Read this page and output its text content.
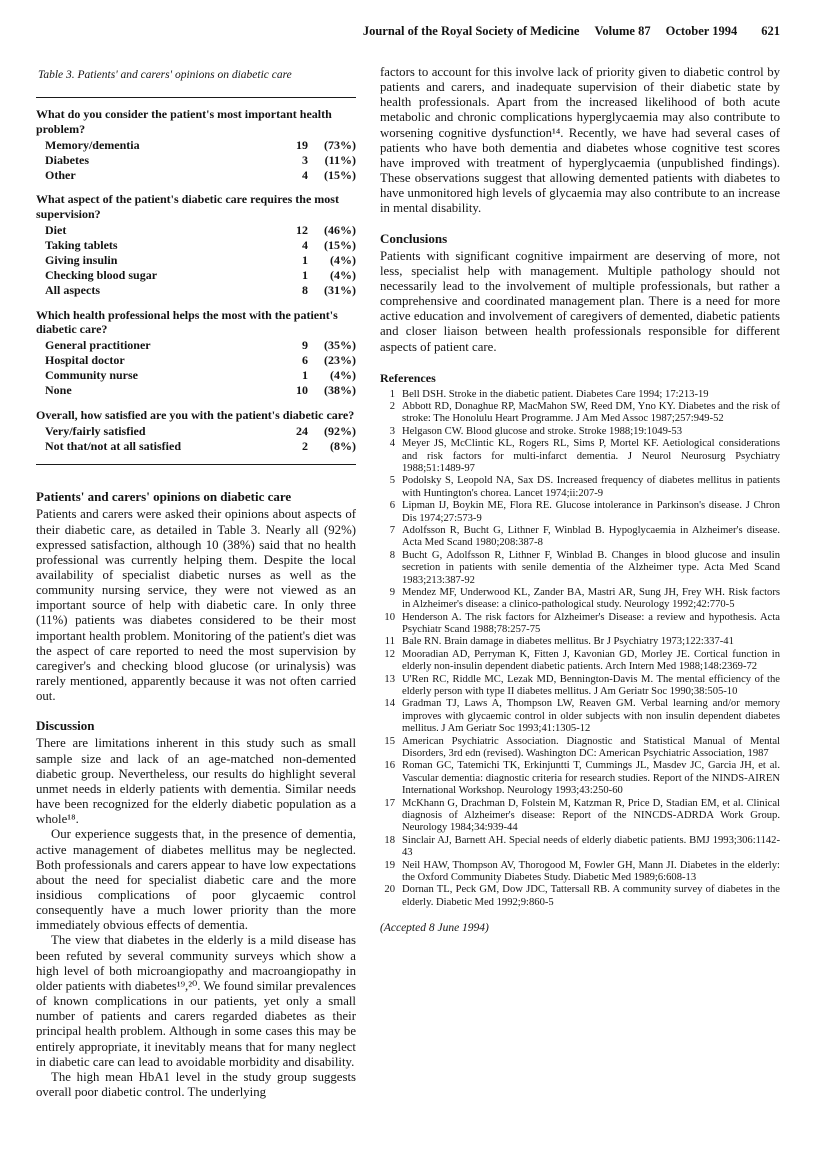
Journal of the Royal Society of Medicine Volume 87 October 1994 621
Table 3. Patients' and carers' opinions on diabetic care
What do you consider the patient's most important health problem?
Memory/dementia	19	(73%)
Diabetes	3	(11%)
Other	4	(15%)
What aspect of the patient's diabetic care requires the most supervision?
Diet	12	(46%)
Taking tablets	4	(15%)
Giving insulin	1	(4%)
Checking blood sugar	1	(4%)
All aspects	8	(31%)
Which health professional helps the most with the patient's diabetic care?
General practitioner	9	(35%)
Hospital doctor	6	(23%)
Community nurse	1	(4%)
None	10	(38%)
Overall, how satisfied are you with the patient's diabetic care?
Very/fairly satisfied	24	(92%)
Not that/not at all satisfied	2	(8%)
Patients' and carers' opinions on diabetic care

Patients and carers were asked their opinions about aspects of their diabetic care, as detailed in Table 3. Nearly all (92%) expressed satisfaction, although 10 (38%) said that no health professional was currently helping them. Despite the local availability of specialist diabetic nurses as well as the community nursing service, they were not viewed as an important source of help with diabetic care. In only three (11%) patients was diabetes considered to be their most important health problem. Monitoring of the patient's diet was the aspect of care reported to need the most supervision by caregiver's and checking blood glucose (or urinalysis) was rarely mentioned, apparently because it was not often carried out.

Discussion

There are limitations inherent in this study such as small sample size and lack of an age-matched non-demented diabetic group. Nevertheless, our results do highlight several unmet needs in elderly patients with dementia. Similar needs have been recognized for the elderly diabetic population as a whole¹⁸.

Our experience suggests that, in the presence of dementia, active management of diabetes mellitus may be neglected. Both professionals and carers appear to have low expectations about the need for specialist diabetic care and the more insidious complications of poor glycaemic control consequently have a much lower priority than the more immediately obvious effects of dementia.

The view that diabetes in the elderly is a mild disease has been refuted by several community surveys which show a high level of both microangiopathy and macroangiopathy in older patients with diabetes¹⁹,²⁰. We found similar prevalences of known complications in our patients, yet only a small number of patients and carers regarded diabetes as their principal health problem. Although in some cases this may be entirely appropriate, it inevitably means that for many neglect in diabetic care can lead to avoidable morbidity and disability.

The high mean HbA1 level in the study group suggests overall poor diabetic control. The underlying

factors to account for this involve lack of priority given to diabetic control by patients and carers, and inadequate supervision of their diabetic state by health professionals. Apart from the increased likelihood of both acute metabolic and chronic complications hyperglycaemia may also contribute to worsening cognitive dysfunction¹⁴. Recently, we have had several cases of patients who have both dementia and diabetes whose cognitive test scores have improved with treatment of hyperglycaemia (unpublished findings). These observations suggest that allowing demented patients with diabetes to have unmonitored high levels of glycaemia may also contribute to an increase in mental disability.

Conclusions

Patients with significant cognitive impairment are deserving of more, not less, specialist help with management. Multiple pathology should not necessarily lead to the involvement of multiple professionals, but rather a comprehensive and coordinated management plan. There is a need for more active education and involvement of caregivers of demented, diabetic patients and closer liaison between health professionals responsible for different aspects of patient care.

References
1 Bell DSH. Stroke in the diabetic patient. Diabetes Care 1994; 17:213-19
2 Abbott RD, Donaghue RP, MacMahon SW, Reed DM, Yno KY. Diabetes and the risk of stroke: The Honolulu Heart Programme. J Am Med Assoc 1987;257:949-52
3 Helgason CW. Blood glucose and stroke. Stroke 1988;19:1049-53
4 Meyer JS, McClintic KL, Rogers RL, Sims P, Mortel KF. Aetiological considerations and risk factors for multi-infarct dementia. J Neurol Neurosurg Psychiatry 1988;51:1489-97
5 Podolsky S, Leopold NA, Sax DS. Increased frequency of diabetes mellitus in patients with Huntington's chorea. Lancet 1974;ii:207-9
6 Lipman IJ, Boykin ME, Flora RE. Glucose intolerance in Parkinson's disease. J Chron Dis 1974;27:573-9
7 Adolfsson R, Bucht G, Lithner F, Winblad B. Hypoglycaemia in Alzheimer's disease. Acta Med Scand 1980;208:387-8
8 Bucht G, Adolfsson R, Lithner F, Winblad B. Changes in blood glucose and insulin secretion in patients with senile dementia of the Alzheimer type. Acta Med Scand 1983;213:387-92
9 Mendez MF, Underwood KL, Zander BA, Mastri AR, Sung JH, Frey WH. Risk factors in Alzheimer's disease: a clinico-pathological study. Neurology 1992;42:770-5
10 Henderson A. The risk factors for Alzheimer's Disease: a review and hypothesis. Acta Psychiatr Scand 1988;78:257-75
11 Bale RN. Brain damage in diabetes mellitus. Br J Psychiatry 1973;122:337-41
12 Mooradian AD, Perryman K, Fitten J, Kavonian GD, Morley JE. Cortical function in elderly non-insulin dependent diabetic patients. Arch Intern Med 1988;148:2369-72
13 U'Ren RC, Riddle MC, Lezak MD, Bennington-Davis M. The mental efficiency of the elderly person with type II diabetes mellitus. J Am Geriatr Soc 1990;38:505-10
14 Gradman TJ, Laws A, Thompson LW, Reaven GM. Verbal learning and/or memory improves with glycaemic control in older subjects with non insulin dependent diabetes mellitus. J Am Geriatr Soc 1993;41:1305-12
15 American Psychiatric Association. Diagnostic and Statistical Manual of Mental Disorders, 3rd edn (revised). Washington DC: American Psychiatric Association, 1987
16 Roman GC, Tatemichi TK, Erkinjuntti T, Cummings JL, Masdev JC, Garcia JH, et al. Vascular dementia: diagnostic criteria for research studies. Report of the NINDS-AIREN International Workshop. Neurology 1993;43:250-60
17 McKhann G, Drachman D, Folstein M, Katzman R, Price D, Stadian EM, et al. Clinical diagnosis of Alzheimer's disease: Report of the NINCDS-ADRDA Work Group. Neurology 1984;34:939-44
18 Sinclair AJ, Barnett AH. Special needs of elderly diabetic patients. BMJ 1993;306:1142-43
19 Neil HAW, Thompson AV, Thorogood M, Fowler GH, Mann JI. Diabetes in the elderly: the Oxford Community Diabetes Study. Diabetic Med 1989;6:608-13
20 Dornan TL, Peck GM, Dow JDC, Tattersall RB. A community survey of diabetes in the elderly. Diabetic Med 1992;9:860-5
(Accepted 8 June 1994)
